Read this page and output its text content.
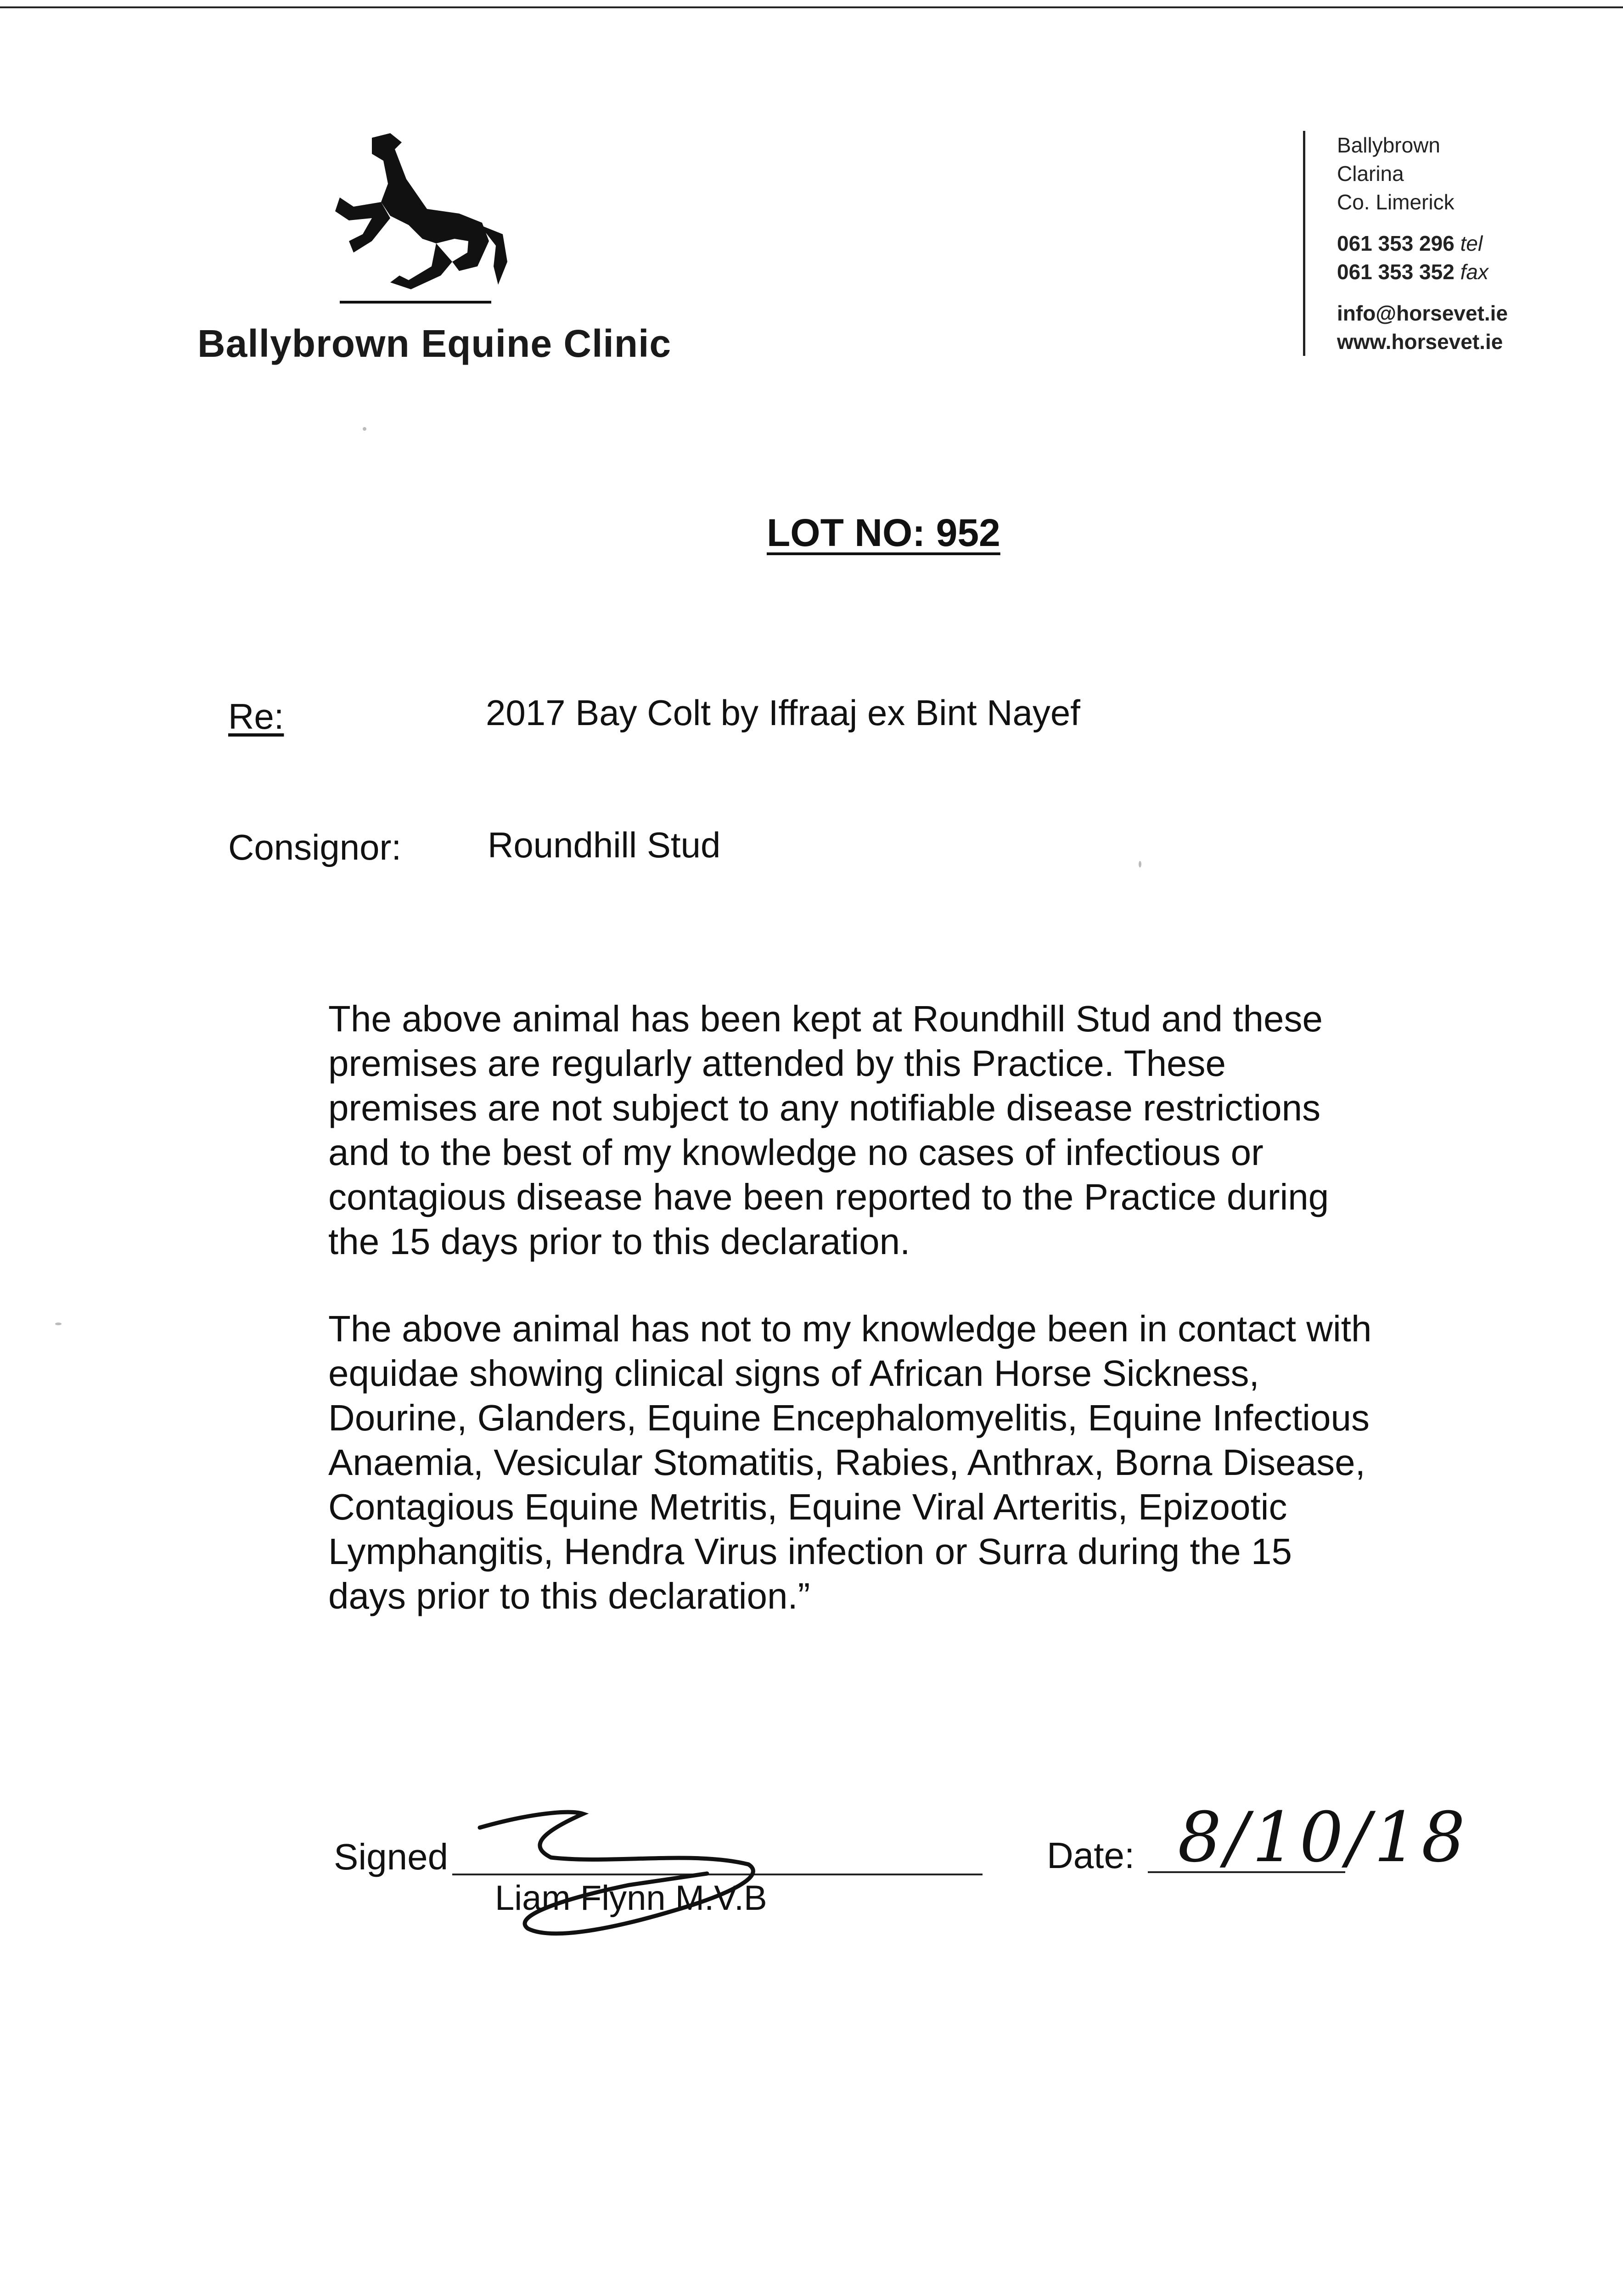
Ballybrown Equine Clinic
Ballybrown
Clarina
Co. Limerick
061 353 296 tel
061 353 352 fax
info@horsevet.ie
www.horsevet.ie
LOT NO: 952
Re:	2017 Bay Colt by Iffraaj ex Bint Nayef
Consignor: Roundhill Stud
The above animal has been kept at Roundhill Stud and these premises are regularly attended by this Practice. These premises are not subject to any notifiable disease restrictions and to the best of my knowledge no cases of infectious or contagious disease have been reported to the Practice during the 15 days prior to this declaration.
The above animal has not to my knowledge been in contact with equidae showing clinical signs of African Horse Sickness, Dourine, Glanders, Equine Encephalomyelitis, Equine Infectious Anaemia, Vesicular Stomatitis, Rabies, Anthrax, Borna Disease, Contagious Equine Metritis, Equine Viral Arteritis, Epizootic Lymphangitis, Hendra Virus infection or Surra during the 15 days prior to this declaration.”
Signed
Liam Flynn M.V.B
Date: 8/10/18
